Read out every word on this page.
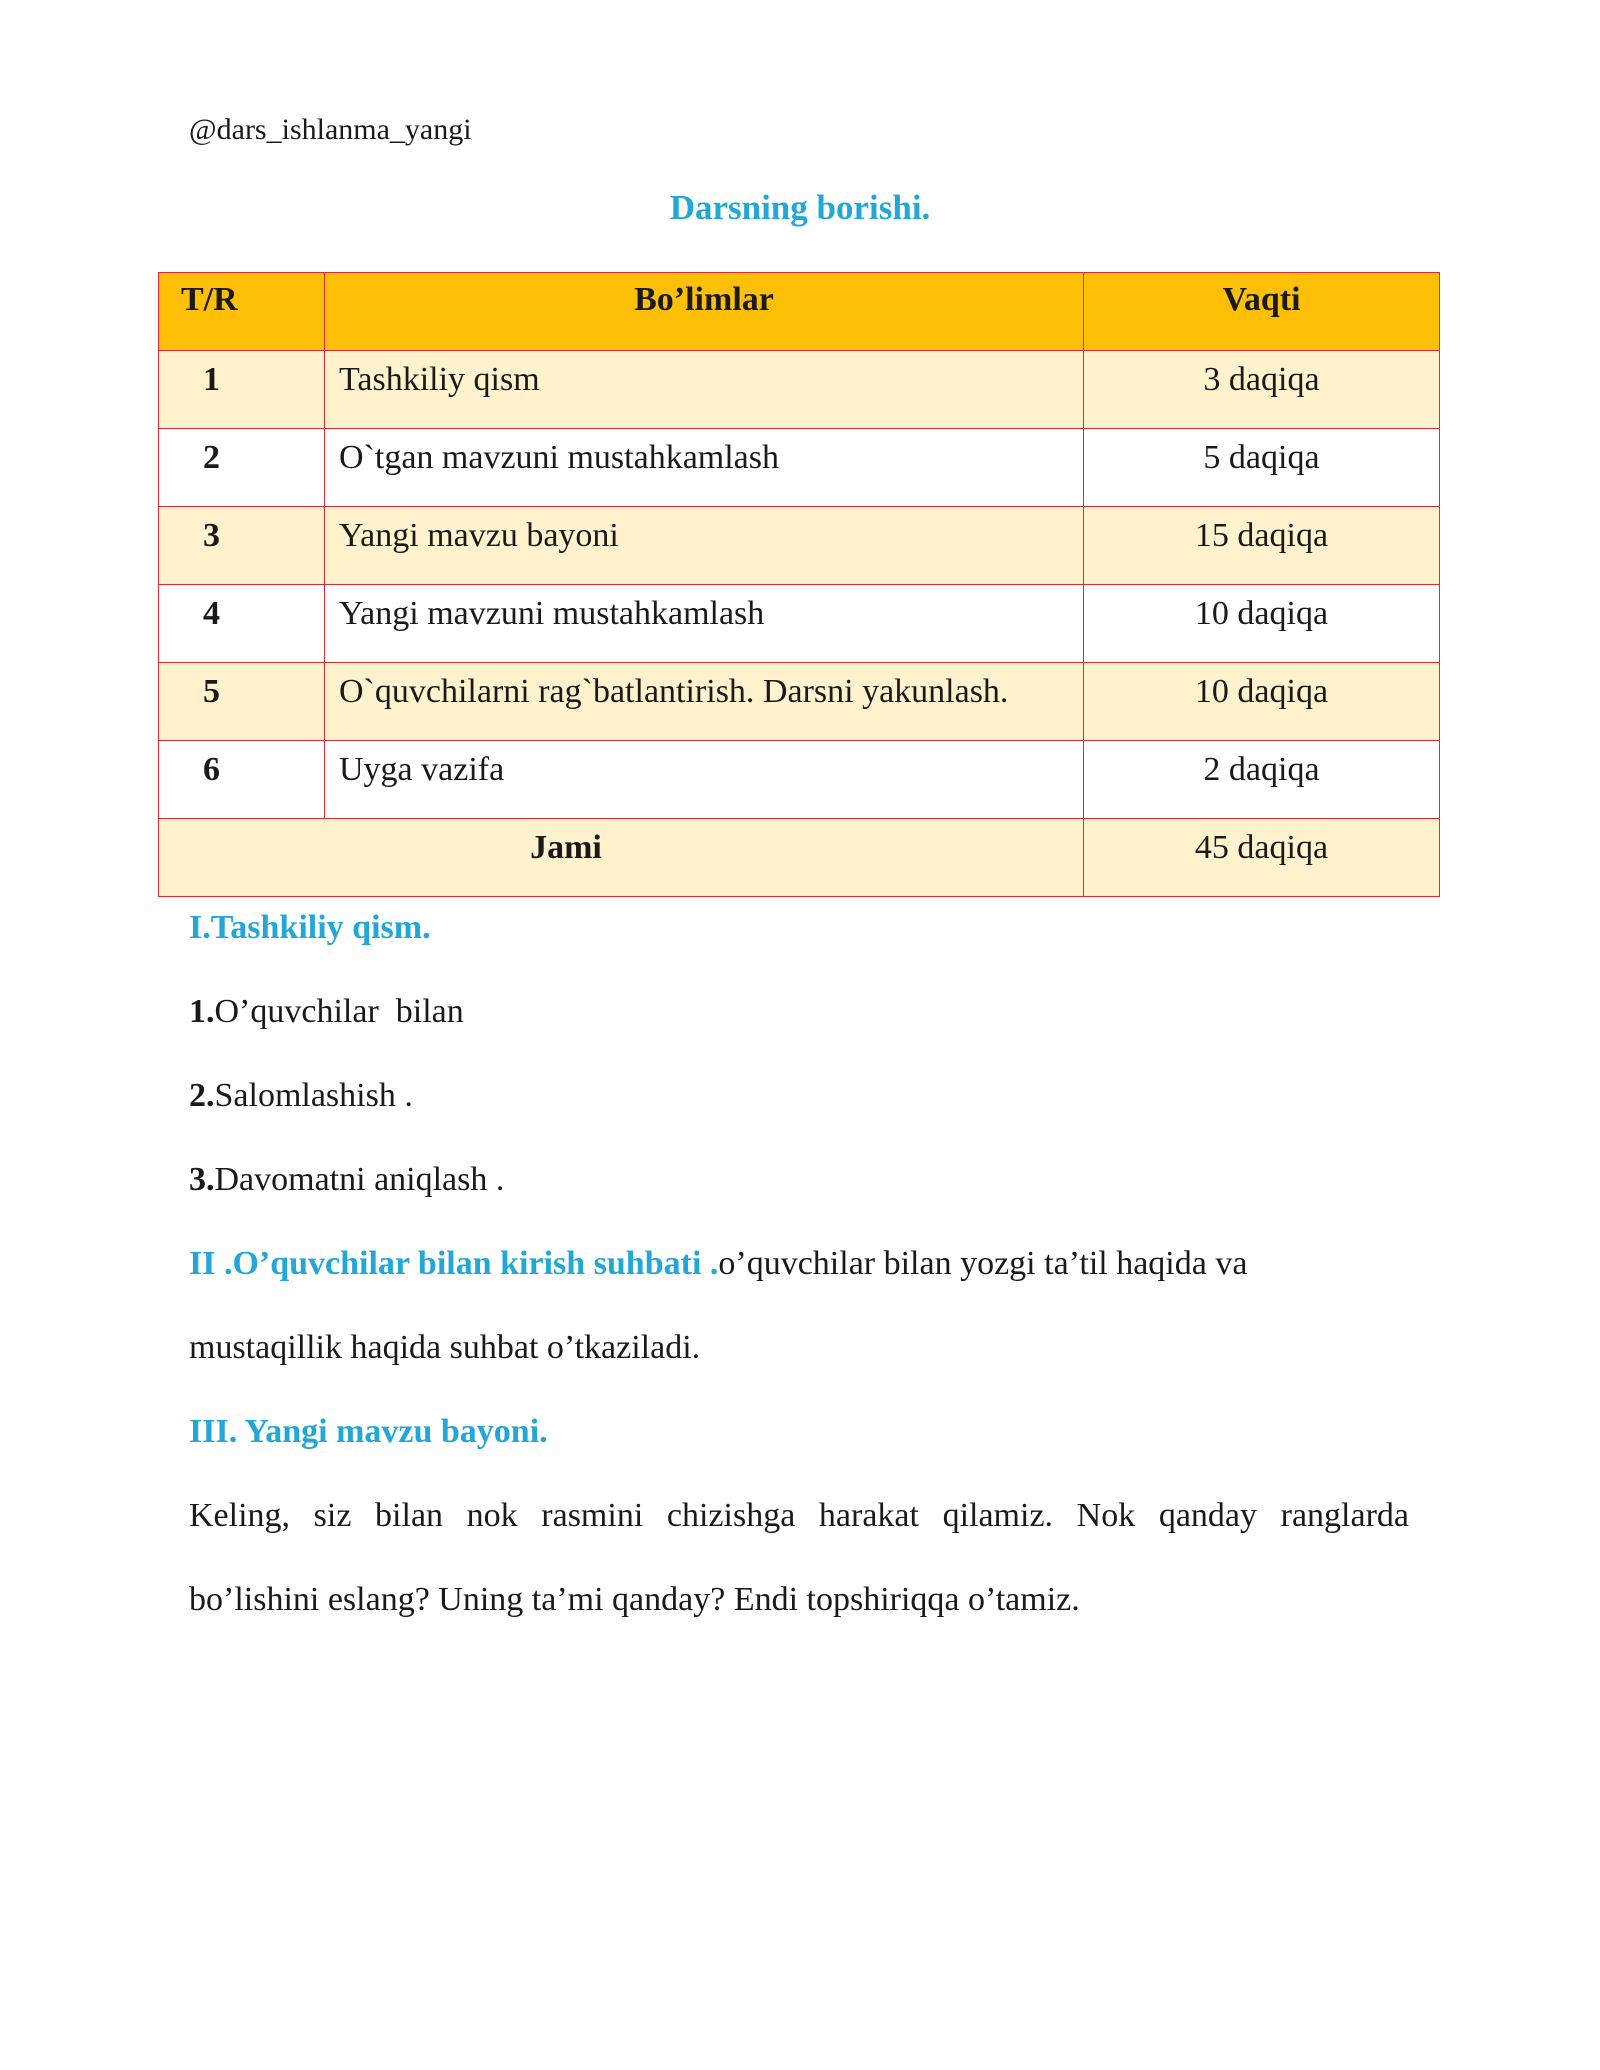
@dars_ishlanma_yangi
Darsning borishi.
T/R	Bo’limlar	Vaqti
1	Tashkiliy qism	3 daqiqa
2	O`tgan mavzuni mustahkamlash	5 daqiqa
3	Yangi mavzu bayoni	15 daqiqa
4	Yangi mavzuni mustahkamlash	10 daqiqa
5	O`quvchilarni rag`batlantirish. Darsni yakunlash.	10 daqiqa
6	Uyga vazifa	2 daqiqa
Jami		45 daqiqa
I.Tashkiliy qism.
1.O’quvchilar  bilan
2.Salomlashish .
3.Davomatni aniqlash .
II .O’quvchilar bilan kirish suhbati .o’quvchilar bilan yozgi ta’til haqida va
mustaqillik haqida suhbat o’tkaziladi.
III. Yangi mavzu bayoni.
Keling, siz bilan nok rasmini chizishga harakat qilamiz. Nok qanday ranglarda
bo’lishini eslang? Uning ta’mi qanday? Endi topshiriqqa o’tamiz.
